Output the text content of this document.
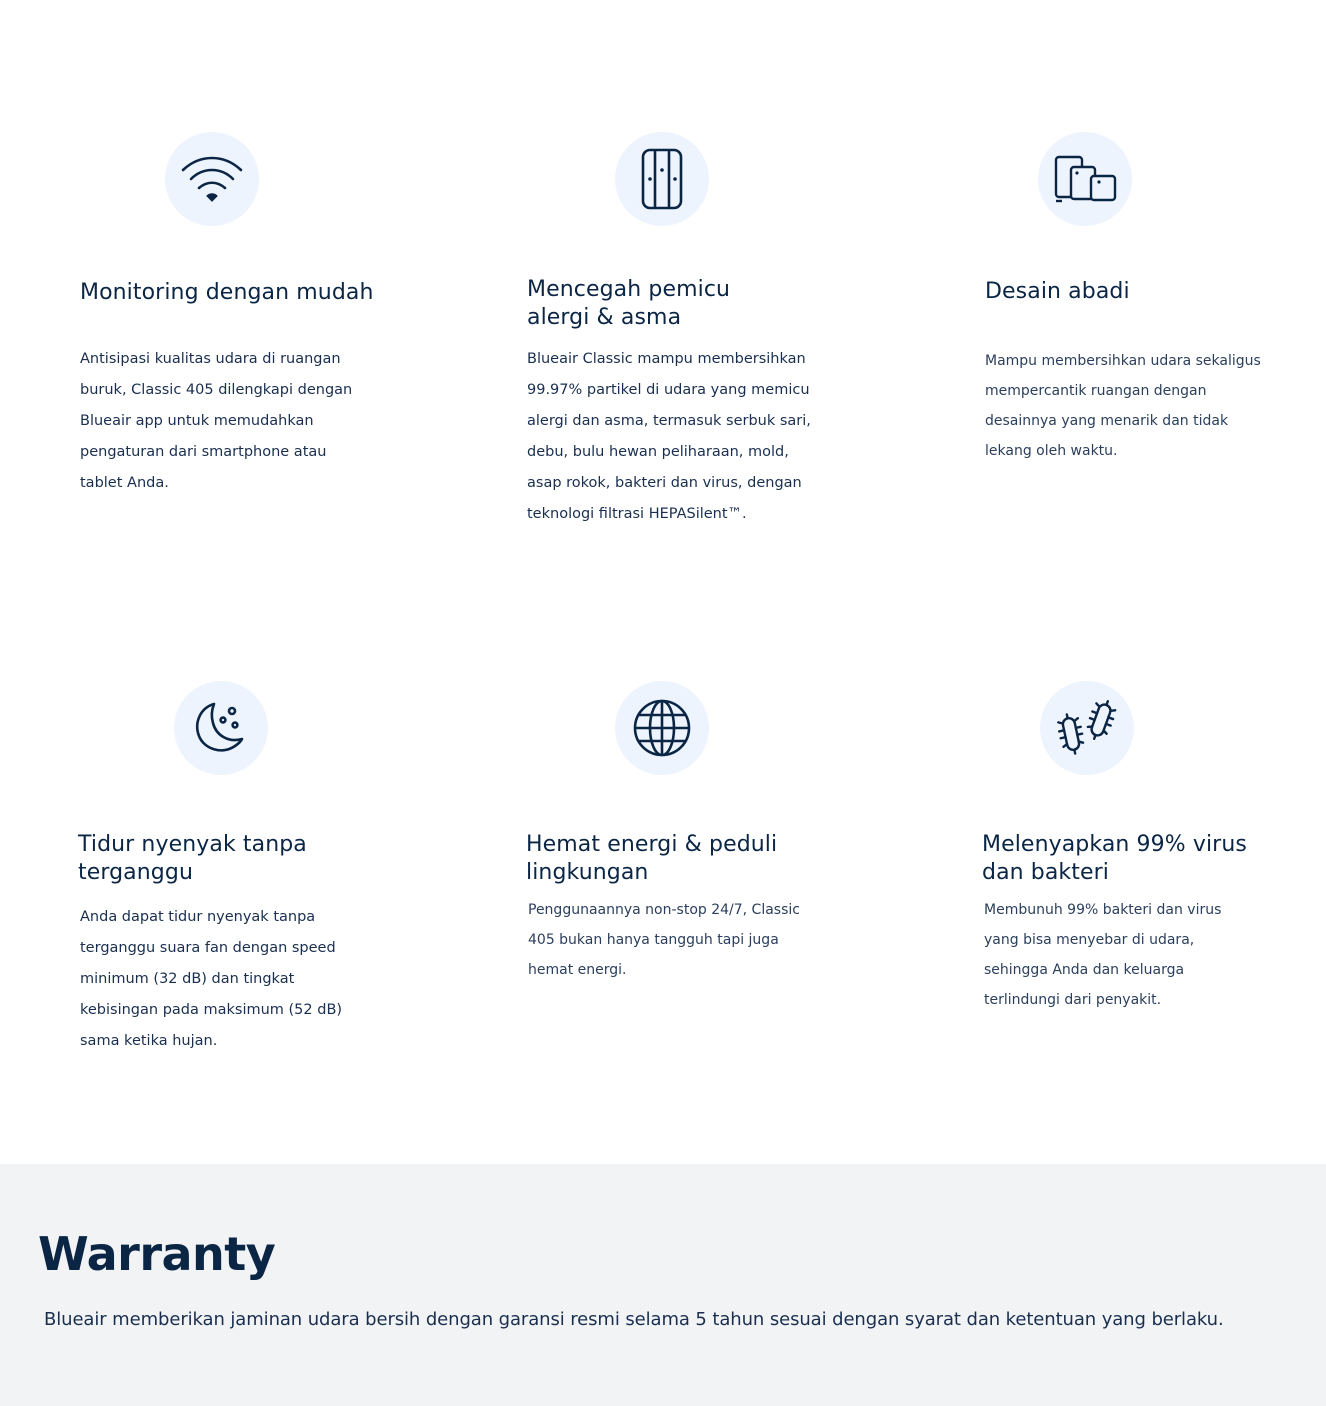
Monitoring dengan mudah

Antisipasi kualitas udara di ruangan buruk, Classic 405 dilengkapi dengan Blueair app untuk memudahkan pengaturan dari smartphone atau tablet Anda.

Mencegah pemicu alergi & asma

Blueair Classic mampu membersihkan 99.97% partikel di udara yang memicu alergi dan asma, termasuk serbuk sari, debu, bulu hewan peliharaan, mold, asap rokok, bakteri dan virus, dengan teknologi filtrasi HEPASilent™.

Desain abadi

Mampu membersihkan udara sekaligus mempercantik ruangan dengan desainnya yang menarik dan tidak lekang oleh waktu.

Tidur nyenyak tanpa terganggu

Anda dapat tidur nyenyak tanpa terganggu suara fan dengan speed minimum (32 dB) dan tingkat kebisingan pada maksimum (52 dB) sama ketika hujan.

Hemat energi & peduli lingkungan

Penggunaannya non-stop 24/7, Classic 405 bukan hanya tangguh tapi juga hemat energi.

Melenyapkan 99% virus dan bakteri

Membunuh 99% bakteri dan virus yang bisa menyebar di udara, sehingga Anda dan keluarga terlindungi dari penyakit.

Warranty

Blueair memberikan jaminan udara bersih dengan garansi resmi selama 5 tahun sesuai dengan syarat dan ketentuan yang berlaku.
